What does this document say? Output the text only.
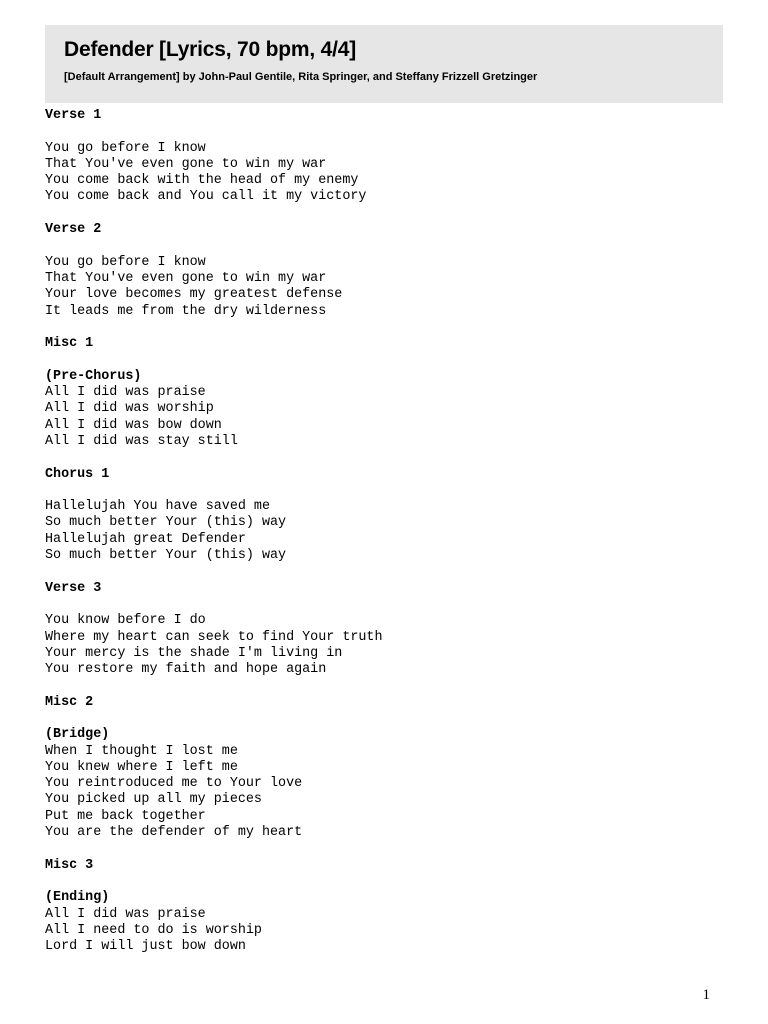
Defender [Lyrics, 70 bpm, 4/4]
[Default Arrangement] by John-Paul Gentile, Rita Springer, and Steffany Frizzell Gretzinger
Verse 1
You go before I know
That You've even gone to win my war
You come back with the head of my enemy
You come back and You call it my victory
Verse 2
You go before I know
That You've even gone to win my war
Your love becomes my greatest defense
It leads me from the dry wilderness
Misc 1
(Pre-Chorus)
All I did was praise
All I did was worship
All I did was bow down
All I did was stay still
Chorus 1
Hallelujah You have saved me
So much better Your (this) way
Hallelujah great Defender
So much better Your (this) way
Verse 3
You know before I do
Where my heart can seek to find Your truth
Your mercy is the shade I'm living in
You restore my faith and hope again
Misc 2
(Bridge)
When I thought I lost me
You knew where I left me
You reintroduced me to Your love
You picked up all my pieces
Put me back together
You are the defender of my heart
Misc 3
(Ending)
All I did was praise
All I need to do is worship
Lord I will just bow down
1
